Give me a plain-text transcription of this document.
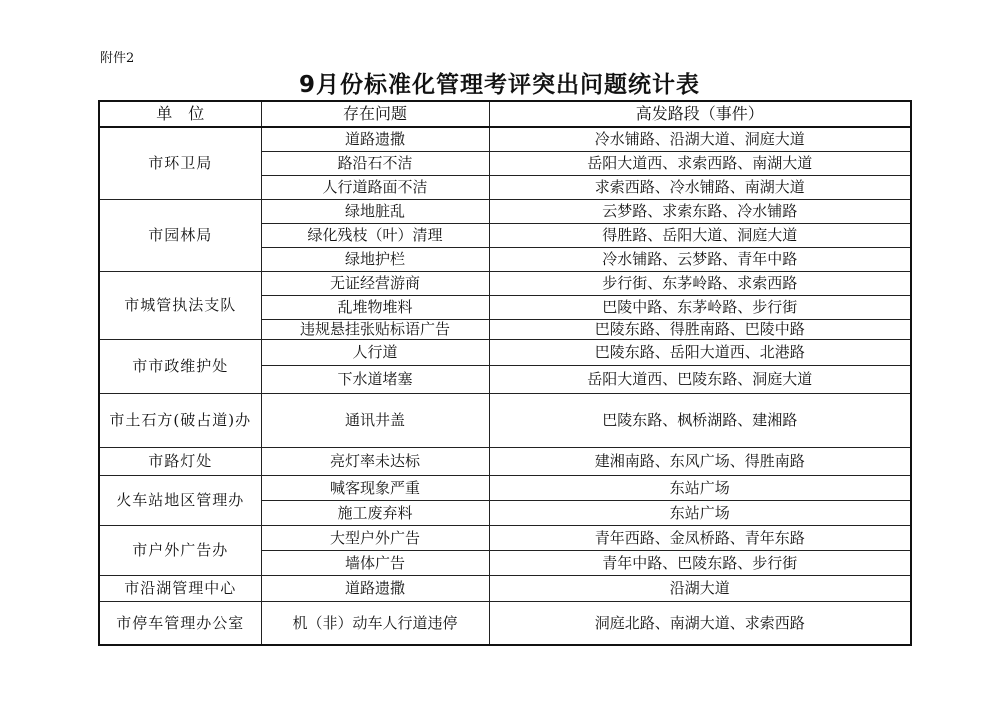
附件2
9月份标准化管理考评突出问题统计表
单　位	存在问题	高发路段（事件）
市环卫局	道路遗撒	冷水铺路、沿湖大道、洞庭大道
	路沿石不洁	岳阳大道西、求索西路、南湖大道
	人行道路面不洁	求索西路、冷水铺路、南湖大道
市园林局	绿地脏乱	云梦路、求索东路、冷水铺路
	绿化残枝（叶）清理	得胜路、岳阳大道、洞庭大道
	绿地护栏	冷水铺路、云梦路、青年中路
市城管执法支队	无证经营游商	步行街、东茅岭路、求索西路
	乱堆物堆料	巴陵中路、东茅岭路、步行街
	违规悬挂张贴标语广告	巴陵东路、得胜南路、巴陵中路
市市政维护处	人行道	巴陵东路、岳阳大道西、北港路
	下水道堵塞	岳阳大道西、巴陵东路、洞庭大道
市土石方(破占道)办	通讯井盖	巴陵东路、枫桥湖路、建湘路
市路灯处	亮灯率未达标	建湘南路、东风广场、得胜南路
火车站地区管理办	喊客现象严重	东站广场
	施工废弃料	东站广场
市户外广告办	大型户外广告	青年西路、金凤桥路、青年东路
	墙体广告	青年中路、巴陵东路、步行街
市沿湖管理中心	道路遗撒	沿湖大道
市停车管理办公室	机（非）动车人行道违停	洞庭北路、南湖大道、求索西路
